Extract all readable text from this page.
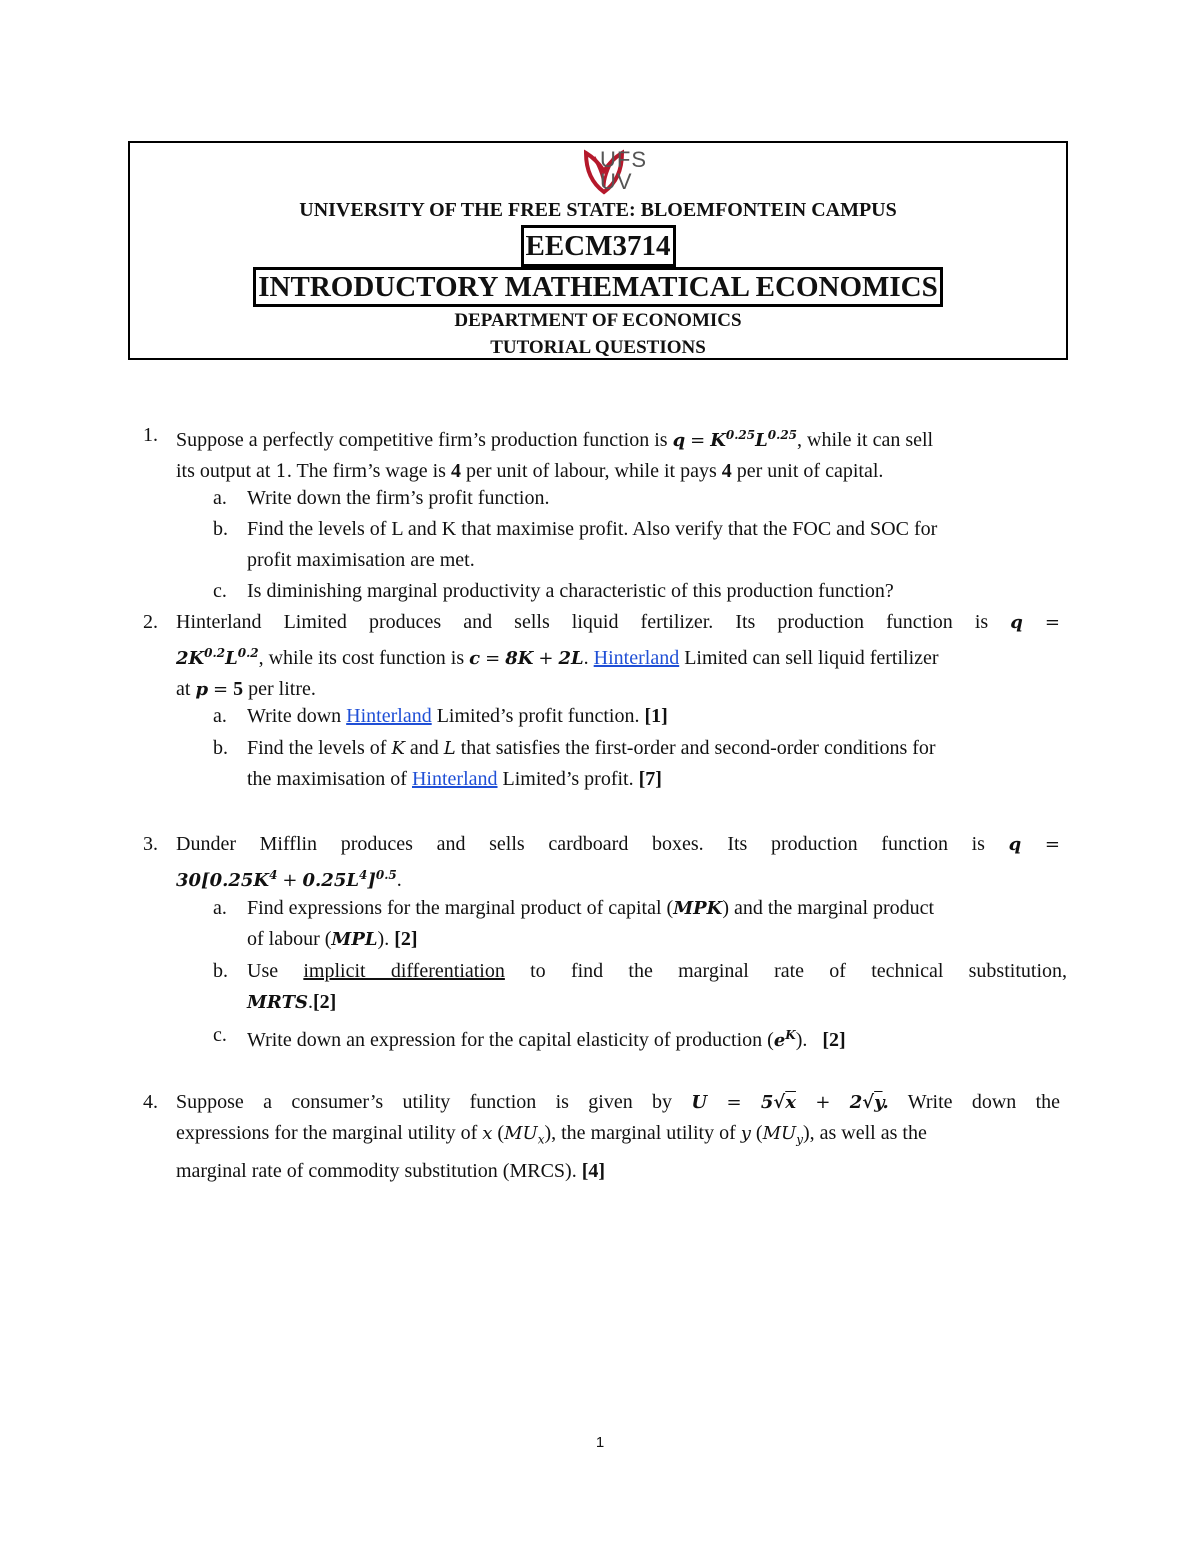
UFS
UV
UNIVERSITY OF THE FREE STATE: BLOEMFONTEIN CAMPUS
EECM3714
INTRODUCTORY MATHEMATICAL ECONOMICS
DEPARTMENT OF ECONOMICS
TUTORIAL QUESTIONS
1. Suppose a perfectly competitive firm’s production function is $q = K^{0.25}L^{0.25}$, while it can sell
its output at 1. The firm’s wage is 4 per unit of labour, while it pays 4 per unit of capital.
a. Write down the firm’s profit function.
b. Find the levels of L and K that maximise profit. Also verify that the FOC and SOC for
profit maximisation are met.
c. Is diminishing marginal productivity a characteristic of this production function?
2. Hinterland Limited produces and sells liquid fertilizer. Its production function is q =
$2K^{0.2}L^{0.2}$, while its cost function is c = 8K + 2L. Hinterland Limited can sell liquid fertilizer
at p = 5 per litre.
a. Write down Hinterland Limited’s profit function. [1]
b. Find the levels of K and L that satisfies the first-order and second-order conditions for
the maximisation of Hinterland Limited’s profit. [7]
3. Dunder Mifflin produces and sells cardboard boxes. Its production function is q =
$30[0.25K^4 + 0.25L^4]^{0.5}$.
a. Find expressions for the marginal product of capital (MPK) and the marginal product
of labour (MPL). [2]
b. Use implicit differentiation to find the marginal rate of technical substitution,
MRTS.[2]
c. Write down an expression for the capital elasticity of production $(e^K)$.   [2]
4. Suppose a consumer’s utility function is given by U = 5√x + 2√y. Write down the
expressions for the marginal utility of x $(MU_x)$, the marginal utility of y $(MU_y)$, as well as the
marginal rate of commodity substitution (MRCS). [4]
1
